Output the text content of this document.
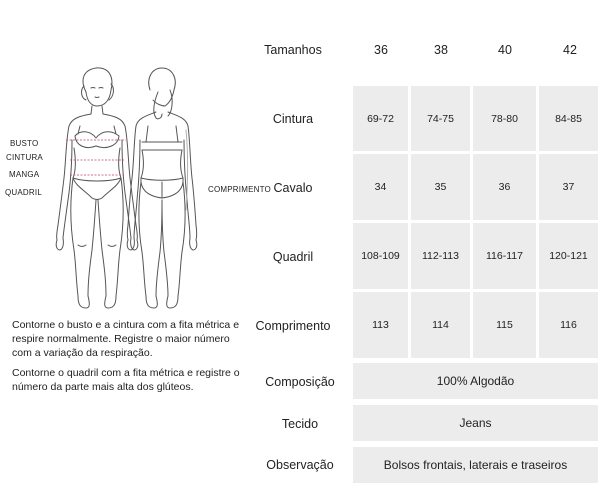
BUSTO
CINTURA
MANGA
QUADRIL	COMPRIMENTO

Contorne o busto e a cintura com a fita métrica e respire normalmente. Registre o maior número com a variação da respiração.

Contorne o quadril com a fita métrica e registre o número da parte mais alta dos glúteos.

Tamanhos	36	38	40	42
Cintura	69-72	74-75	78-80	84-85
Cavalo	34	35	36	37
Quadril	108-109	112-113	116-117	120-121
Comprimento	113	114	115	116
Composição	100% Algodão
Tecido	Jeans
Observação	Bolsos frontais, laterais e traseiros
